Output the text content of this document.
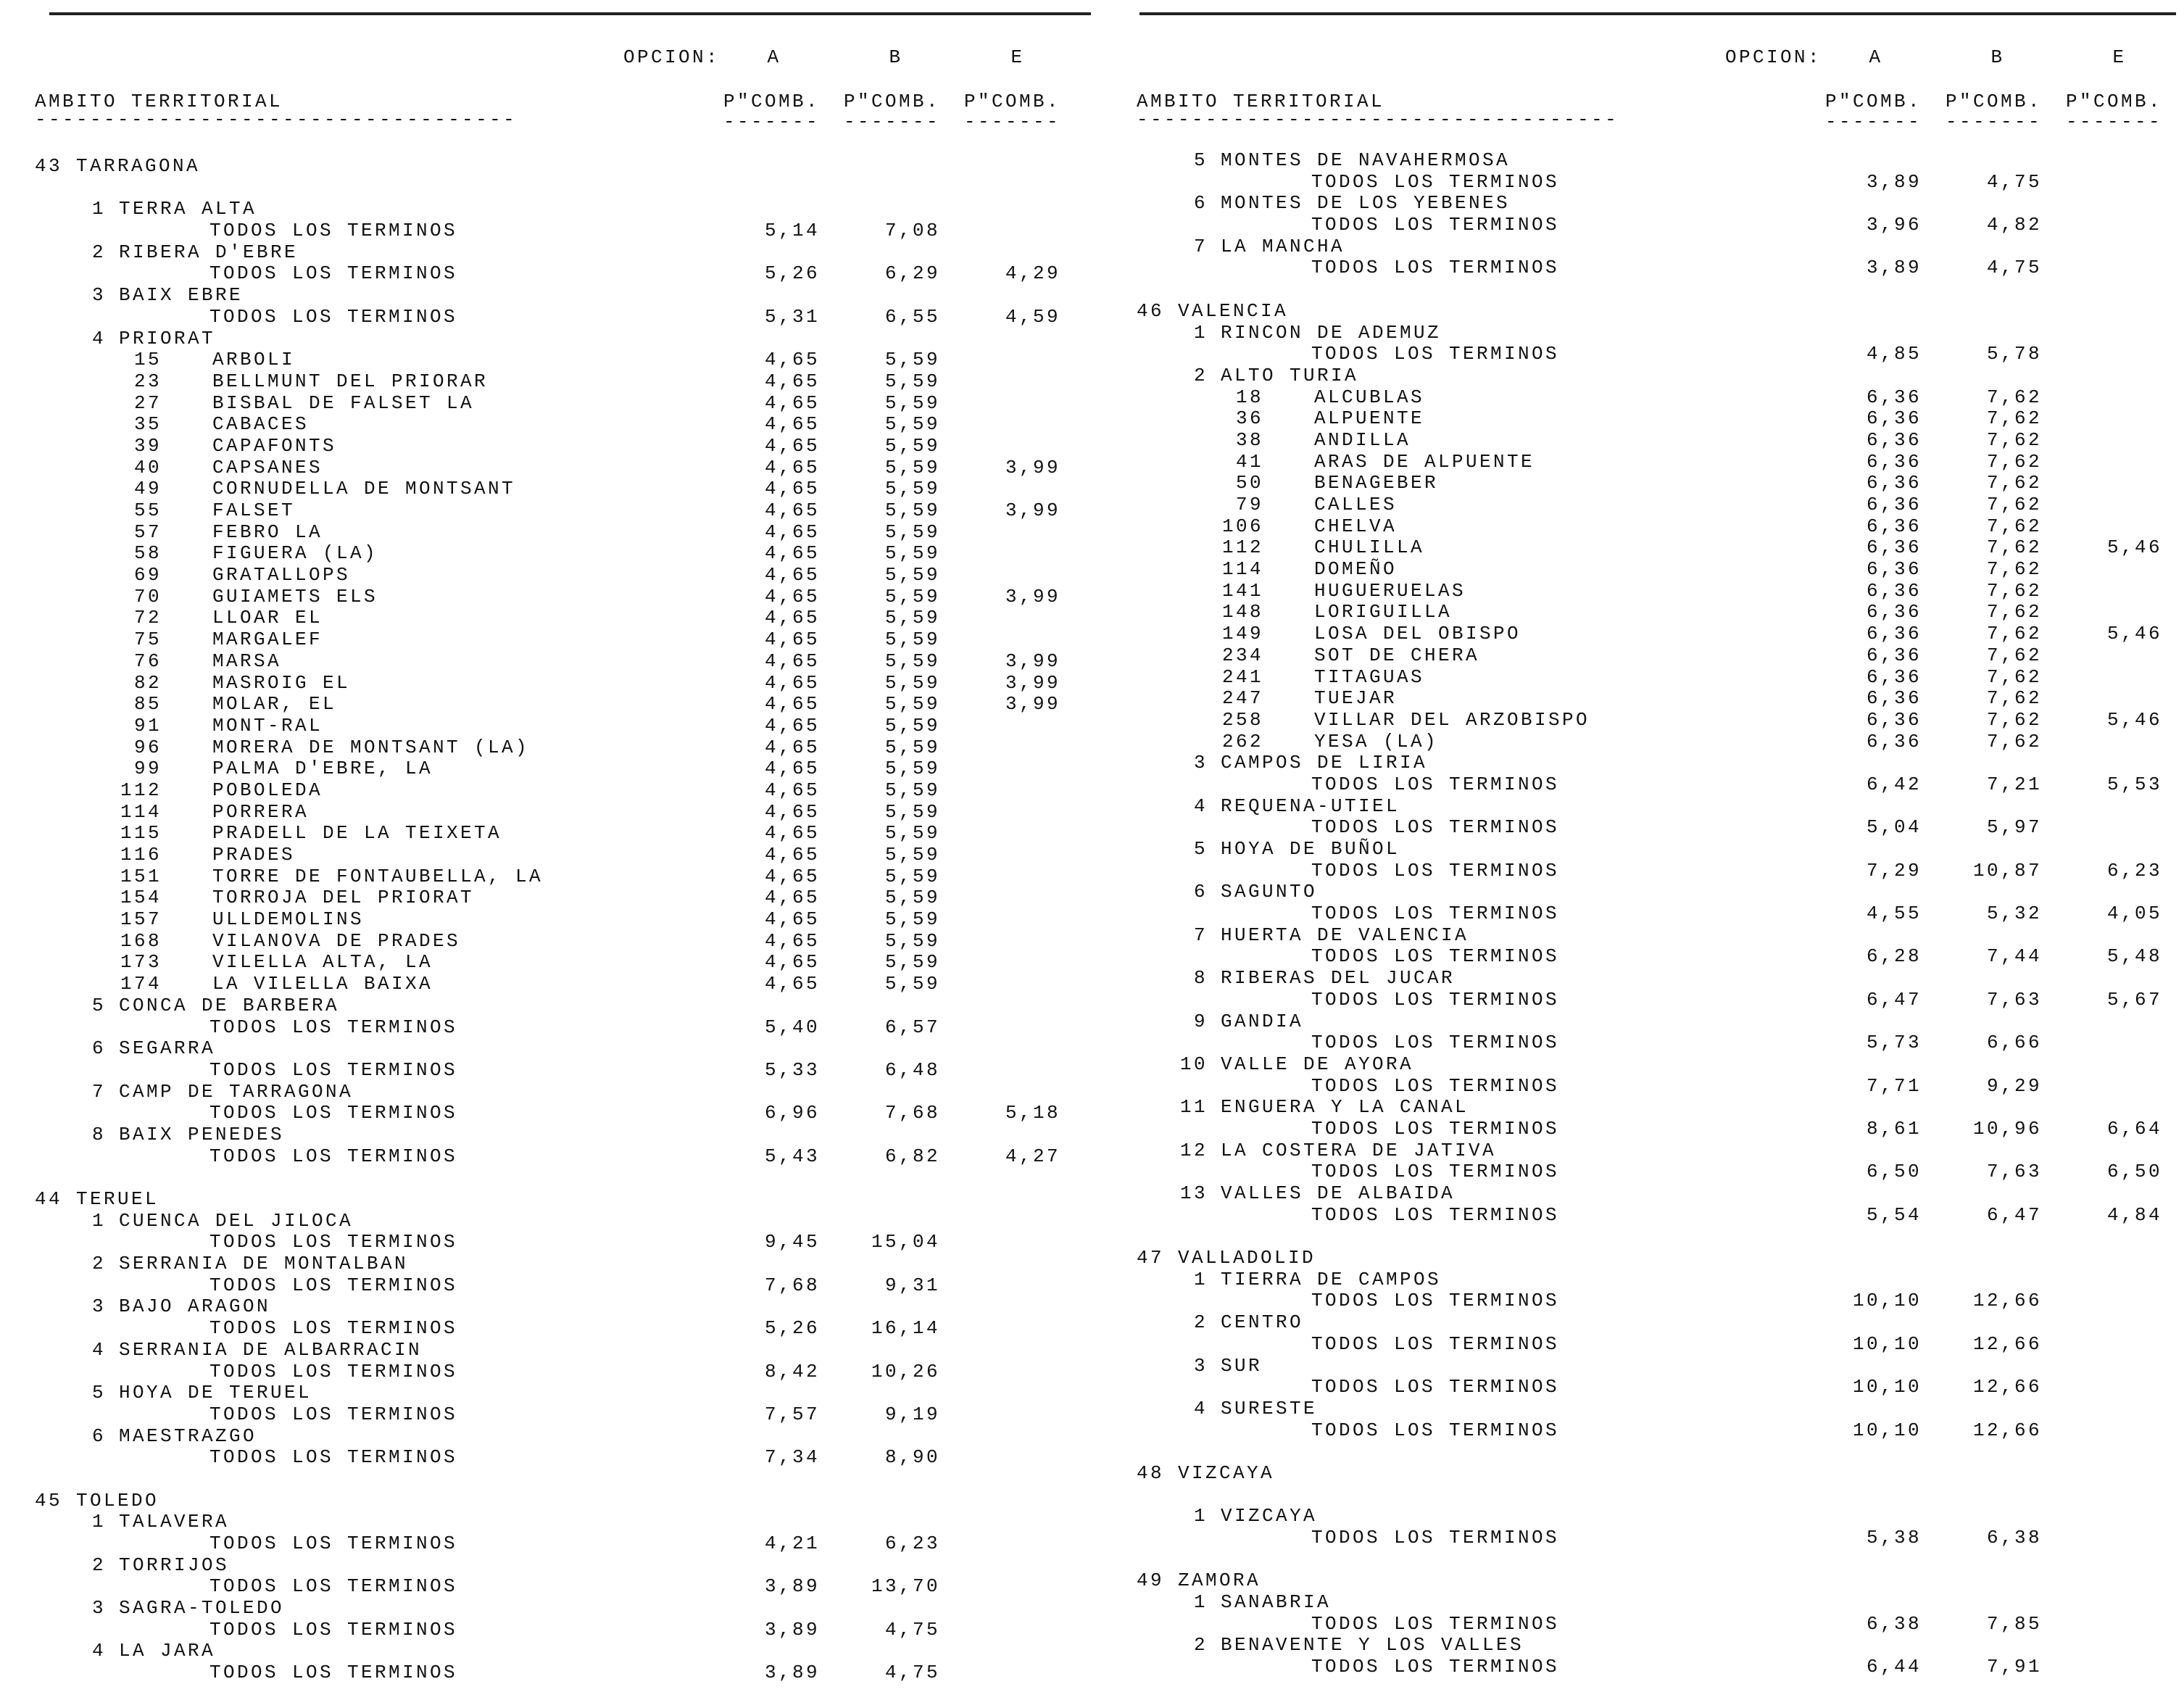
OPCION:	A	B	E
AMBITO TERRITORIAL
-----------------------------------
P"COMB. P"COMB. P"COMB.
------- ------- -------
43 TARRAGONA
1 TERRA ALTA
TODOS LOS TERMINOS	5,14	7,08
2 RIBERA D'EBRE
TODOS LOS TERMINOS	5,26	6,29	4,29
3 BAIX EBRE
TODOS LOS TERMINOS	5,31	6,55	4,59
4 PRIORAT
15	ARBOLI	4,65	5,59
23	BELLMUNT DEL PRIORAR	4,65	5,59
27	BISBAL DE FALSET LA	4,65	5,59
35	CABACES	4,65	5,59
39	CAPAFONTS	4,65	5,59
40	CAPSANES	4,65	5,59	3,99
49	CORNUDELLA DE MONTSANT	4,65	5,59
55	FALSET	4,65	5,59	3,99
57	FEBRO LA	4,65	5,59
58	FIGUERA (LA)	4,65	5,59
69	GRATALLOPS	4,65	5,59
70	GUIAMETS ELS	4,65	5,59	3,99
72	LLOAR EL	4,65	5,59
75	MARGALEF	4,65	5,59
76	MARSA	4,65	5,59	3,99
82	MASROIG EL	4,65	5,59	3,99
85	MOLAR, EL	4,65	5,59	3,99
91	MONT-RAL	4,65	5,59
96	MORERA DE MONTSANT (LA)	4,65	5,59
99	PALMA D'EBRE, LA	4,65	5,59
112	POBOLEDA	4,65	5,59
114	PORRERA	4,65	5,59
115	PRADELL DE LA TEIXETA	4,65	5,59
116	PRADES	4,65	5,59
151	TORRE DE FONTAUBELLA, LA	4,65	5,59
154	TORROJA DEL PRIORAT	4,65	5,59
157	ULLDEMOLINS	4,65	5,59
168	VILANOVA DE PRADES	4,65	5,59
173	VILELLA ALTA, LA	4,65	5,59
174	LA VILELLA BAIXA	4,65	5,59
5 CONCA DE BARBERA
TODOS LOS TERMINOS	5,40	6,57
6 SEGARRA
TODOS LOS TERMINOS	5,33	6,48
7 CAMP DE TARRAGONA
TODOS LOS TERMINOS	6,96	7,68	5,18
8 BAIX PENEDES
TODOS LOS TERMINOS	5,43	6,82	4,27
44 TERUEL
1 CUENCA DEL JILOCA
TODOS LOS TERMINOS	9,45	15,04
2 SERRANIA DE MONTALBAN
TODOS LOS TERMINOS	7,68	9,31
3 BAJO ARAGON
TODOS LOS TERMINOS	5,26	16,14
4 SERRANIA DE ALBARRACIN
TODOS LOS TERMINOS	8,42	10,26
5 HOYA DE TERUEL
TODOS LOS TERMINOS	7,57	9,19
6 MAESTRAZGO
TODOS LOS TERMINOS	7,34	8,90
45 TOLEDO
1 TALAVERA
TODOS LOS TERMINOS	4,21	6,23
2 TORRIJOS
TODOS LOS TERMINOS	3,89	13,70
3 SAGRA-TOLEDO
TODOS LOS TERMINOS	3,89	4,75
4 LA JARA
TODOS LOS TERMINOS	3,89	4,75
OPCION:	A	B	E
AMBITO TERRITORIAL
-----------------------------------
P"COMB. P"COMB. P"COMB.
------- ------- -------
5 MONTES DE NAVAHERMOSA
TODOS LOS TERMINOS	3,89	4,75
6 MONTES DE LOS YEBENES
TODOS LOS TERMINOS	3,96	4,82
7 LA MANCHA
TODOS LOS TERMINOS	3,89	4,75
46 VALENCIA
1 RINCON DE ADEMUZ
TODOS LOS TERMINOS	4,85	5,78
2 ALTO TURIA
18	ALCUBLAS	6,36	7,62
36	ALPUENTE	6,36	7,62
38	ANDILLA	6,36	7,62
41	ARAS DE ALPUENTE	6,36	7,62
50	BENAGEBER	6,36	7,62
79	CALLES	6,36	7,62
106	CHELVA	6,36	7,62
112	CHULILLA	6,36	7,62	5,46
114	DOMEÑO	6,36	7,62
141	HUGUERUELAS	6,36	7,62
148	LORIGUILLA	6,36	7,62
149	LOSA DEL OBISPO	6,36	7,62	5,46
234	SOT DE CHERA	6,36	7,62
241	TITAGUAS	6,36	7,62
247	TUEJAR	6,36	7,62
258	VILLAR DEL ARZOBISPO	6,36	7,62	5,46
262	YESA (LA)	6,36	7,62
3 CAMPOS DE LIRIA
TODOS LOS TERMINOS	6,42	7,21	5,53
4 REQUENA-UTIEL
TODOS LOS TERMINOS	5,04	5,97
5 HOYA DE BUÑOL
TODOS LOS TERMINOS	7,29	10,87	6,23
6 SAGUNTO
TODOS LOS TERMINOS	4,55	5,32	4,05
7 HUERTA DE VALENCIA
TODOS LOS TERMINOS	6,28	7,44	5,48
8 RIBERAS DEL JUCAR
TODOS LOS TERMINOS	6,47	7,63	5,67
9 GANDIA
TODOS LOS TERMINOS	5,73	6,66
10 VALLE DE AYORA
TODOS LOS TERMINOS	7,71	9,29
11 ENGUERA Y LA CANAL
TODOS LOS TERMINOS	8,61	10,96	6,64
12 LA COSTERA DE JATIVA
TODOS LOS TERMINOS	6,50	7,63	6,50
13 VALLES DE ALBAIDA
TODOS LOS TERMINOS	5,54	6,47	4,84
47 VALLADOLID
1 TIERRA DE CAMPOS
TODOS LOS TERMINOS	10,10	12,66
2 CENTRO
TODOS LOS TERMINOS	10,10	12,66
3 SUR
TODOS LOS TERMINOS	10,10	12,66
4 SURESTE
TODOS LOS TERMINOS	10,10	12,66
48 VIZCAYA
1 VIZCAYA
TODOS LOS TERMINOS	5,38	6,38
49 ZAMORA
1 SANABRIA
TODOS LOS TERMINOS	6,38	7,85
2 BENAVENTE Y LOS VALLES
TODOS LOS TERMINOS	6,44	7,91
